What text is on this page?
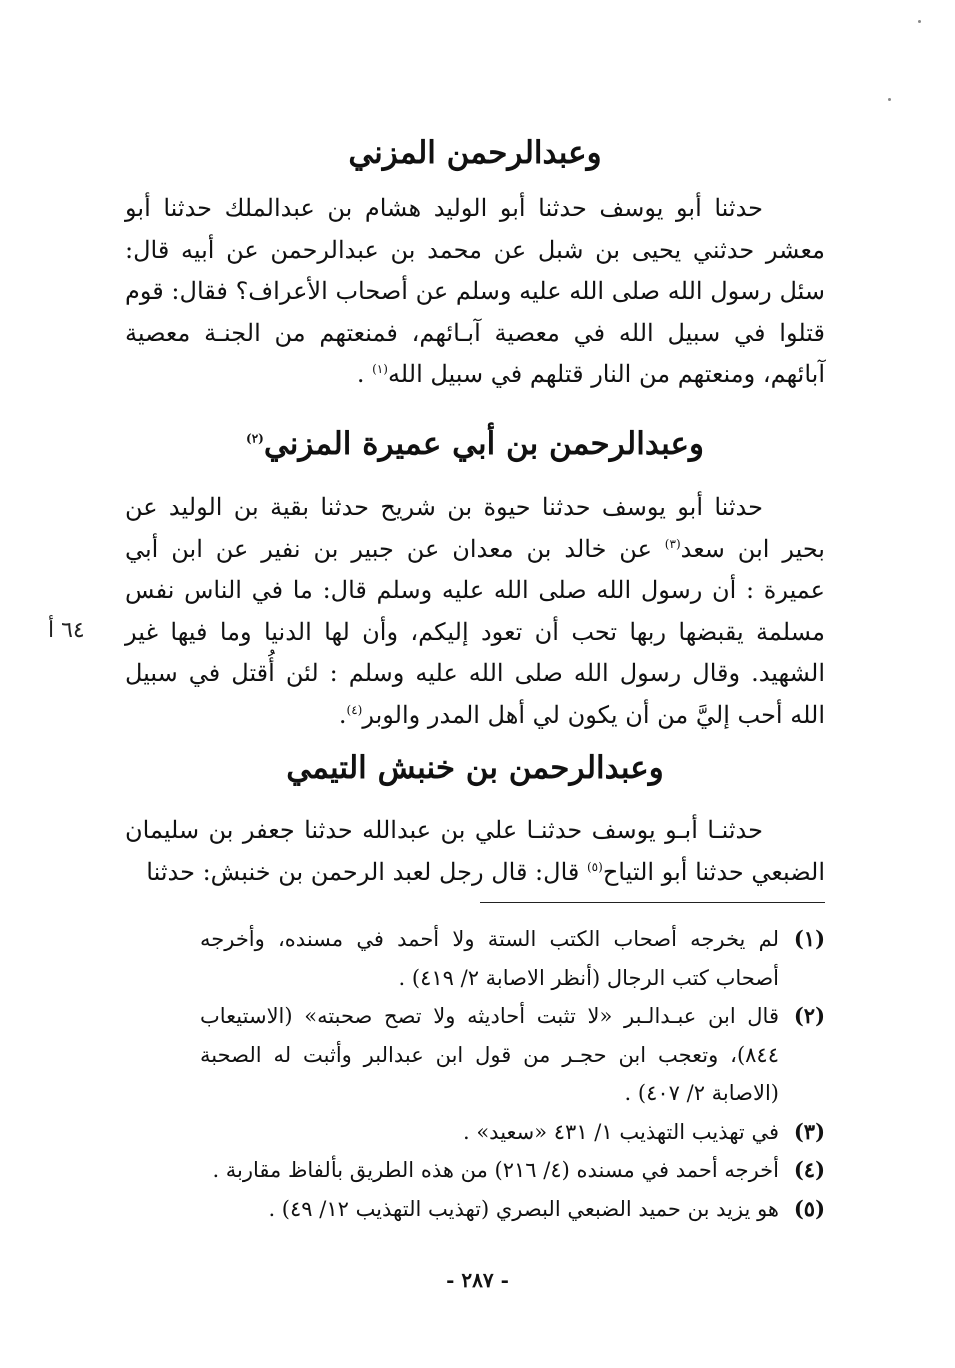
وعبدالرحمن المزني

حدثنا أبو يوسف حدثنا أبو الوليد هشام بن عبدالملك حدثنا أبو معشر حدثني يحيى بن شبل عن محمد بن عبدالرحمن عن أبيه قال: سئل رسول الله صلى الله عليه وسلم عن أصحاب الأعراف؟ فقال: قوم قتلوا في سبيل الله في معصية آبـائهم، فمنعتهم من الجنـة معصية آبائهم، ومنعتهم من النار قتلهم في سبيل الله$^{(١)}$ .

وعبدالرحمن بن أبي عميرة المزني$^{(٢)}$

حدثنا أبو يوسف حدثنا حيوة بن شريح حدثنا بقية بن الوليد عن بحير ابن سعد$^{(٣)}$ عن خالد بن معدان عن جبير بن نفير عن ابن أبي عميرة : أن رسول الله صلى الله عليه وسلم قال: ما في الناس نفس مسلمة يقبضها ربها تحب أن تعود إليكم، وأن لها الدنيا وما فيها غير الشهيد. وقال رسول الله صلى الله عليه وسلم : لئن أُقتل في سبيل الله أحب إليَّ من أن يكون لي أهل المدر والوبر$^{(٤)}$.

٦٤ أ
وعبدالرحمن بن خنبش التيمي

حدثنـا أبـو يوسف حدثنـا علي بن عبدالله حدثنا جعفر بن سليمان الضبعي حدثنا أبو التياح$^{(٥)}$ قال: قال رجل لعبد الرحمن بن خنبش: حدثنا

(١)
لم يخرجه أصحاب الكتب الستة ولا أحمد في مسنده، وأخرجه أصحاب كتب الرجال (أنظر الاصابة ٢/ ٤١٩) .
(٢)
قال ابن عبـدالـبر «لا تثبت أحاديثه ولا تصح صحبته» (الاستيعاب ٨٤٤)، وتعجب ابن حجـر من قول ابن عبدالبر وأثبت له الصحبة (الاصابة ٢/ ٤٠٧) .
(٣)
في تهذيب التهذيب ١/ ٤٣١ «سعيد» .
(٤)
أخرجه أحمد في مسنده (٤/ ٢١٦) من هذه الطريق بألفاظ مقاربة .
(٥)
هو يزيد بن حميد الضبعي البصري (تهذيب التهذيب ١٢/ ٤٩) .
- ٢٨٧ -
